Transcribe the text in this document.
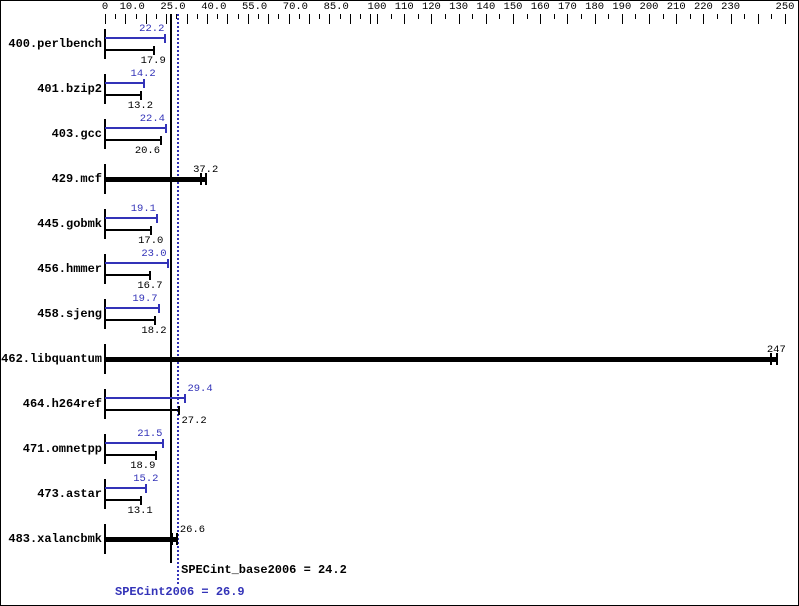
0 10.0 25.0 40.0 55.0 70.0 85.0 100 110 120 130 140 150 160 170 180 190 200 210 220 230	250
400.perlbench
22.2
17.9
401.bzip2
14.2
13.2
403.gcc
22.4
20.6
429.mcf
37.2
445.gobmk
19.1
17.0
456.hmmer
23.0
16.7
458.sjeng
19.7
18.2
462.libquantum
247
464.h264ref
29.4
27.2
471.omnetpp
21.5
18.9
473.astar
15.2
13.1
483.xalancbmk
26.6
SPECint_base2006 = 24.2
SPECint2006 = 26.9
